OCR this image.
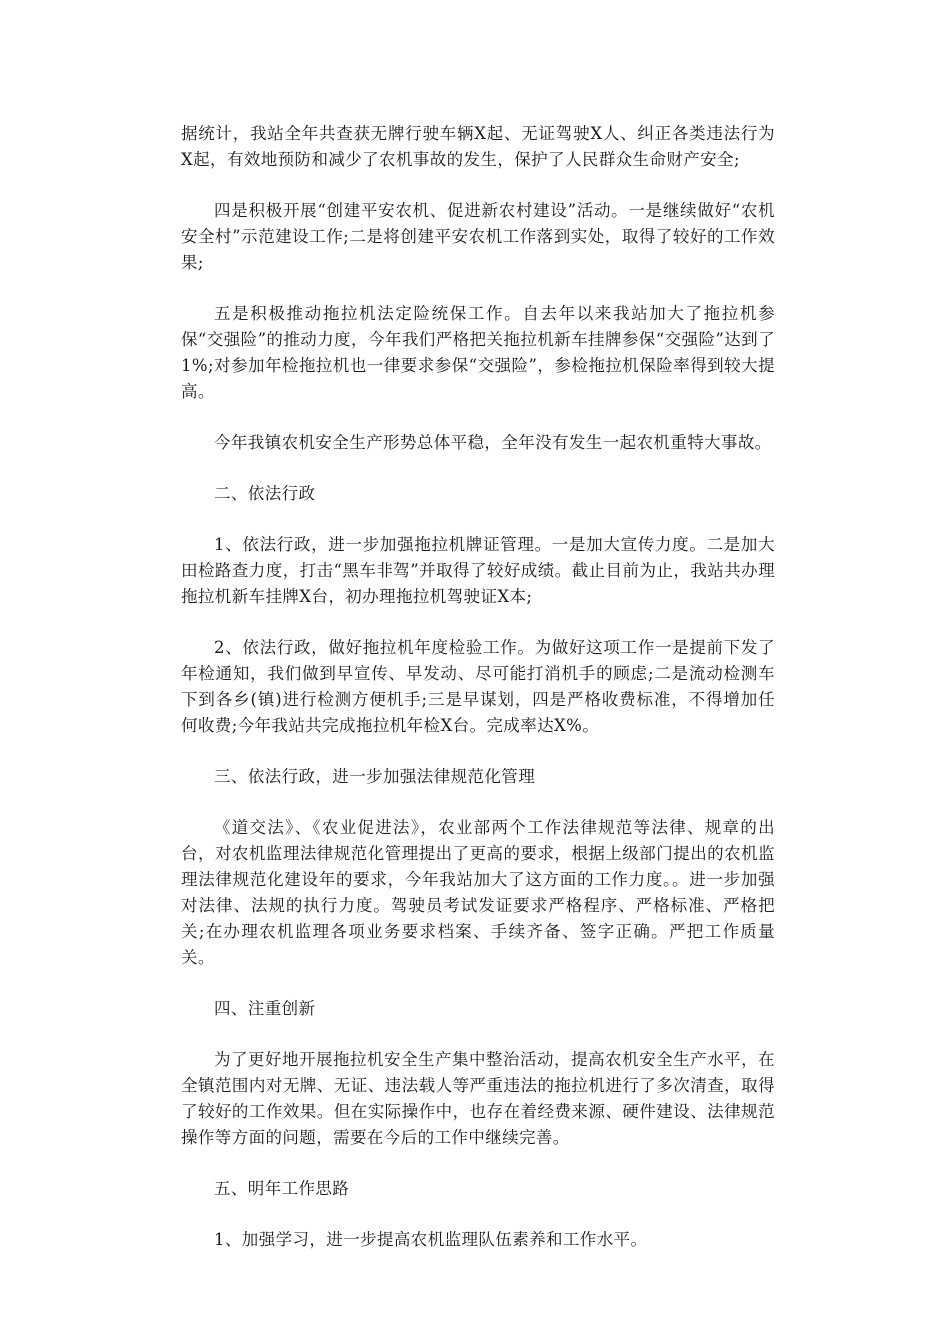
据统计，我站全年共查获无牌行驶车辆X起、无证驾驶X人、纠正各类违法行为X起，有效地预防和减少了农机事故的发生，保护了人民群众生命财产安全;

四是积极开展“创建平安农机、促进新农村建设”活动。一是继续做好“农机安全村”示范建设工作;二是将创建平安农机工作落到实处，取得了较好的工作效果;

五是积极推动拖拉机法定险统保工作。自去年以来我站加大了拖拉机参保“交强险”的推动力度，今年我们严格把关拖拉机新车挂牌参保“交强险”达到了1%;对参加年检拖拉机也一律要求参保“交强险”，参检拖拉机保险率得到较大提高。

今年我镇农机安全生产形势总体平稳，全年没有发生一起农机重特大事故。

二、依法行政

1、依法行政，进一步加强拖拉机牌证管理。一是加大宣传力度。二是加大田检路查力度，打击“黑车非驾”并取得了较好成绩。截止目前为止，我站共办理拖拉机新车挂牌X台，初办理拖拉机驾驶证X本;

2、依法行政，做好拖拉机年度检验工作。为做好这项工作一是提前下发了年检通知，我们做到早宣传、早发动、尽可能打消机手的顾虑;二是流动检测车下到各乡(镇)进行检测方便机手;三是早谋划，四是严格收费标准，不得增加任何收费;今年我站共完成拖拉机年检X台。完成率达X%。

三、依法行政，进一步加强法律规范化管理

《道交法》、《农业促进法》，农业部两个工作法律规范等法律、规章的出台，对农机监理法律规范化管理提出了更高的要求，根据上级部门提出的农机监理法律规范化建设年的要求，今年我站加大了这方面的工作力度。。进一步加强对法律、法规的执行力度。驾驶员考试发证要求严格程序、严格标准、严格把关;在办理农机监理各项业务要求档案、手续齐备、签字正确。严把工作质量关。

四、注重创新

为了更好地开展拖拉机安全生产集中整治活动，提高农机安全生产水平，在全镇范围内对无牌、无证、违法载人等严重违法的拖拉机进行了多次清查，取得了较好的工作效果。但在实际操作中，也存在着经费来源、硬件建设、法律规范操作等方面的问题，需要在今后的工作中继续完善。

五、明年工作思路

1、加强学习，进一步提高农机监理队伍素养和工作水平。
